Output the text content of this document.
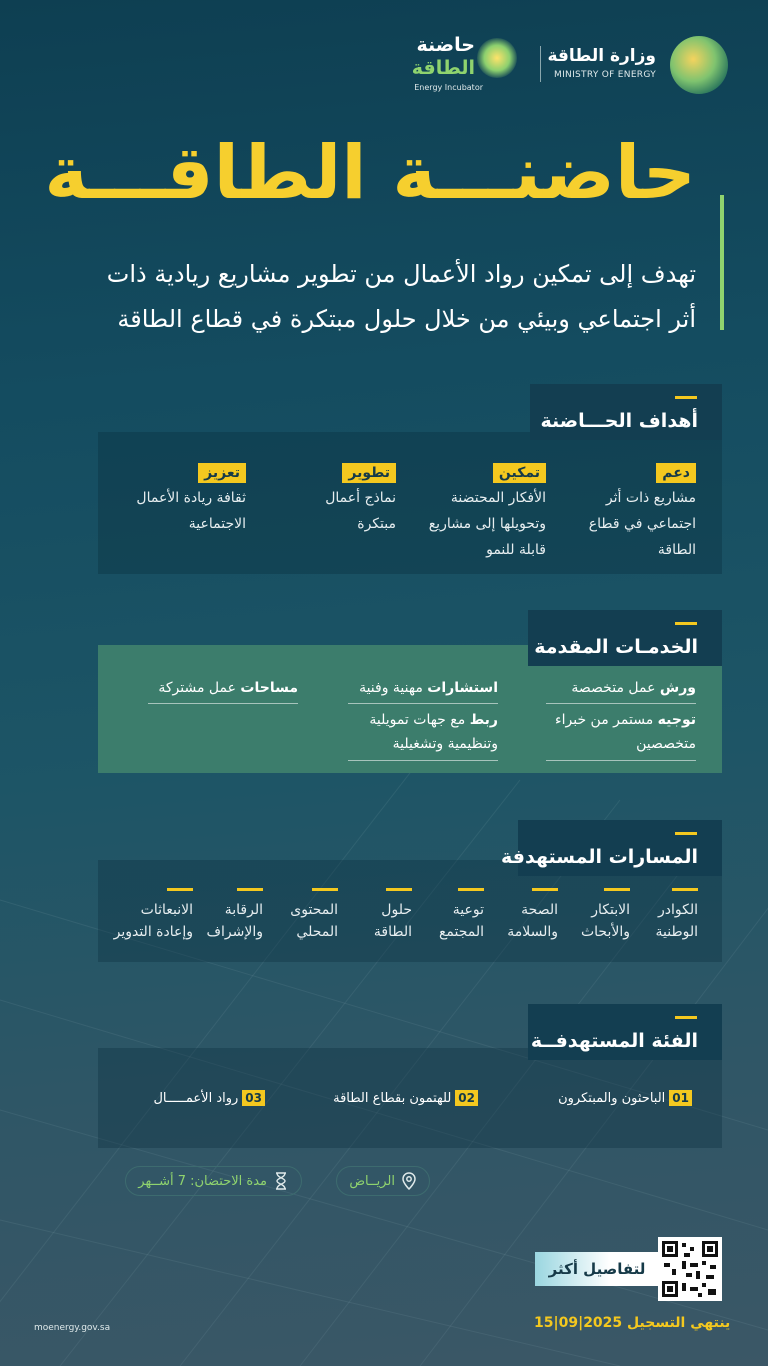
وزارة الطاقة
MINISTRY OF ENERGY
حاضنة
الطاقة
Energy Incubator
حاضنـــة الطاقـــة
تهدف إلى تمكين رواد الأعمال من تطوير مشاريع ريادية ذات أثر اجتماعي وبيئي من خلال حلول مبتكرة في قطاع الطاقة
أهداف الحـــاضنة
دعم
مشاريع ذات أثر اجتماعي في قطاع الطاقة
تمكين
الأفكار المحتضنة وتحويلها إلى مشاريع قابلة للنمو
تطوير
نماذج أعمال مبتكرة
تعزيز
ثقافة ريادة الأعمال الاجتماعية
الخدمـات المقدمة
ورش عمل متخصصة
توجيه مستمر من خبراء متخصصين
استشارات مهنية وفنية
ربط مع جهات تمويلية وتنظيمية وتشغيلية
مساحات عمل مشتركة
المسارات المستهدفة
الكوادر
الوطنية
الابتكار
والأبحاث
الصحة
والسلامة
توعية
المجتمع
حلول
الطاقة
المحتوى
المحلي
الرقابة
والإشراف
الانبعاثات
وإعادة التدوير
الفئة المستهدفــة
01
الباحثون والمبتكرون
02
للهتمون بقطاع الطاقة
03
رواد الأعمـــــال
الريــاض
مدة الاحتضان: 7 أشــهر
لتفاصيل أكثر
ينتهي التسجيل 15|09|2025
moenergy.gov.sa
